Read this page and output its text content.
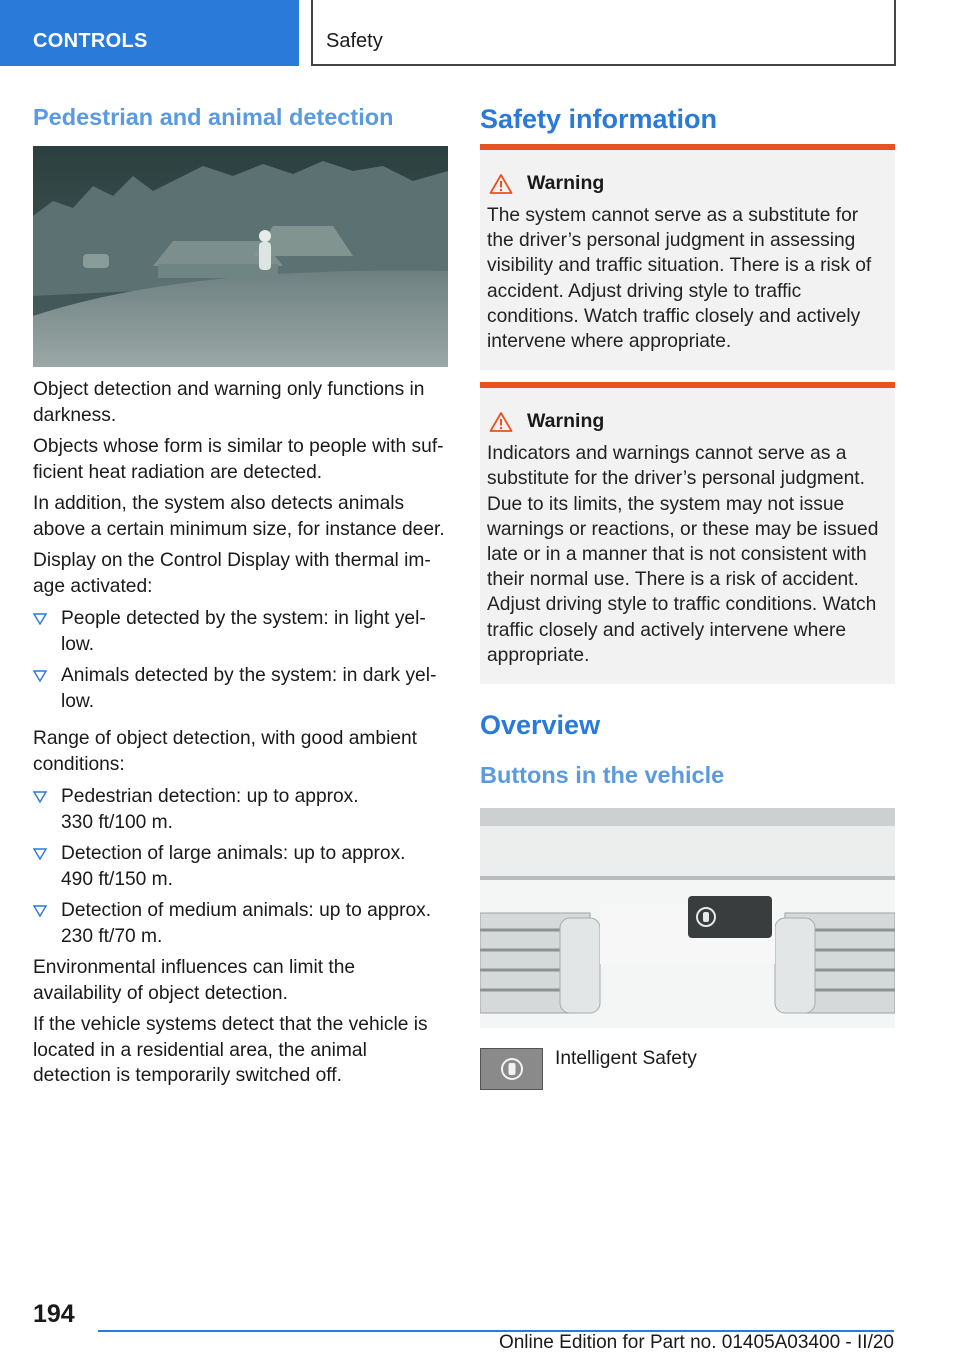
CONTROLS	Safety
Pedestrian and animal detection

Object detection and warning only functions in darkness.

Objects whose form is similar to people with sufficient heat radiation are detected.

In addition, the system also detects animals above a certain minimum size, for instance deer.

Display on the Control Display with thermal image activated:

People detected by the system: in light yellow.
Animals detected by the system: in dark yellow.

Range of object detection, with good ambient conditions:

Pedestrian detection: up to approx.
330 ft/100 m.
Detection of large animals: up to approx.
490 ft/150 m.
Detection of medium animals: up to approx.
230 ft/70 m.

Environmental influences can limit the availability of object detection.

If the vehicle systems detect that the vehicle is located in a residential area, the animal detection is temporarily switched off.

Safety information
Warning

The system cannot serve as a substitute for the driver’s personal judgment in assessing visibility and traffic situation. There is a risk of accident. Adjust driving style to traffic conditions. Watch traffic closely and actively intervene where appropriate.

Warning

Indicators and warnings cannot serve as a substitute for the driver’s personal judgment. Due to its limits, the system may not issue warnings or reactions, or these may be issued late or in a manner that is not consistent with their normal use. There is a risk of accident. Adjust driving style to traffic conditions. Watch traffic closely and actively intervene where appropriate.

Overview
Buttons in the vehicle
Intelligent Safety
194
Online Edition for Part no. 01405A03400 - II/20
